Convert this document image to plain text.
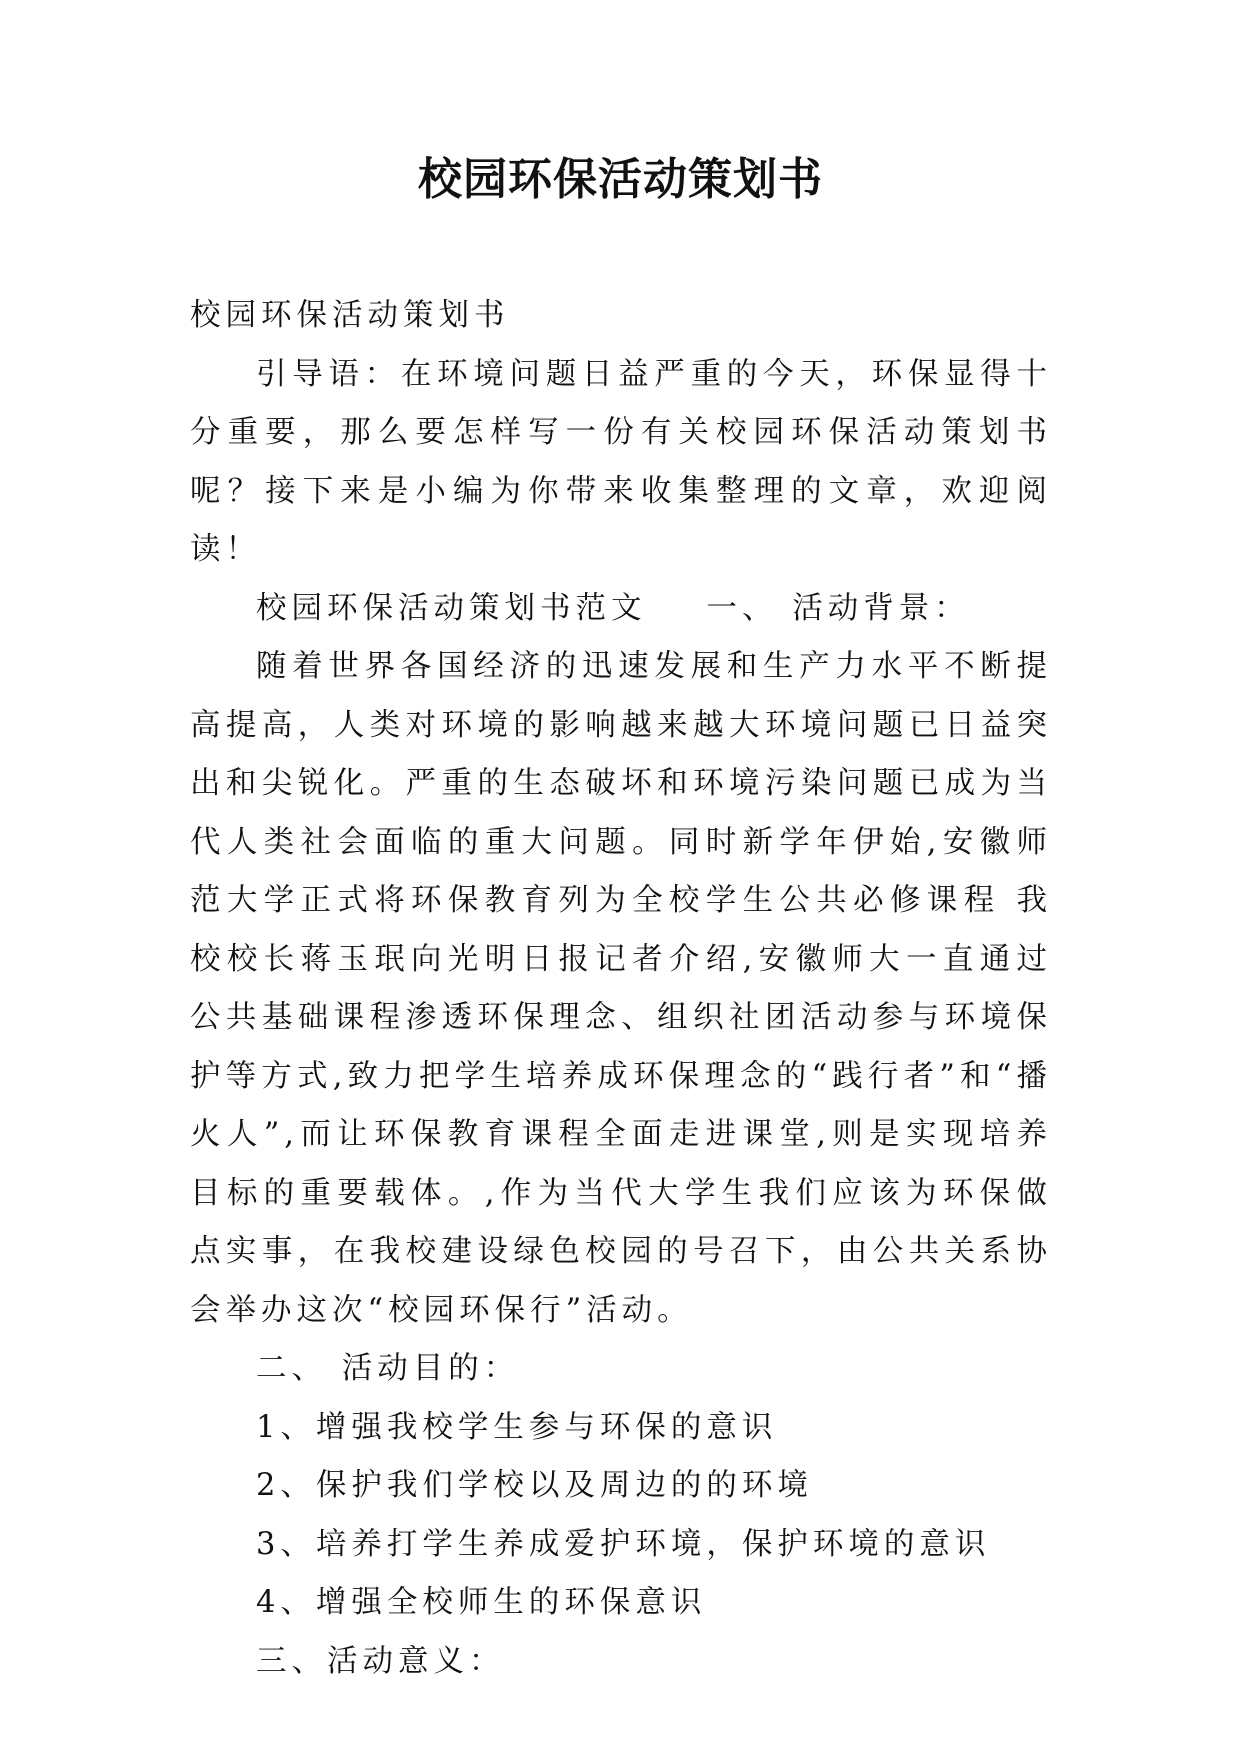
校园环保活动策划书

校园环保活动策划书

引导语：在环境问题日益严重的今天，环保显得十分重要，那么要怎样写一份有关校园环保活动策划书呢？接下来是小编为你带来收集整理的文章，欢迎阅读！

校园环保活动策划书范文 一、 活动背景：

随着世界各国经济的迅速发展和生产力水平不断提高提高，人类对环境的影响越来越大环境问题已日益突出和尖锐化。严重的生态破坏和环境污染问题已成为当代人类社会面临的重大问题。同时新学年伊始,安徽师范大学正式将环保教育列为全校学生公共必修课程 我校校长蒋玉珉向光明日报记者介绍,安徽师大一直通过公共基础课程渗透环保理念、组织社团活动参与环境保护等方式,致力把学生培养成环保理念的“践行者”和“播火人”,而让环保教育课程全面走进课堂,则是实现培养目标的重要载体。,作为当代大学生我们应该为环保做点实事，在我校建设绿色校园的号召下，由公共关系协会举办这次“校园环保行”活动。

二、 活动目的：

1、增强我校学生参与环保的意识

2、保护我们学校以及周边的的环境

3、培养打学生养成爱护环境，保护环境的意识

4、增强全校师生的环保意识

三、活动意义：
